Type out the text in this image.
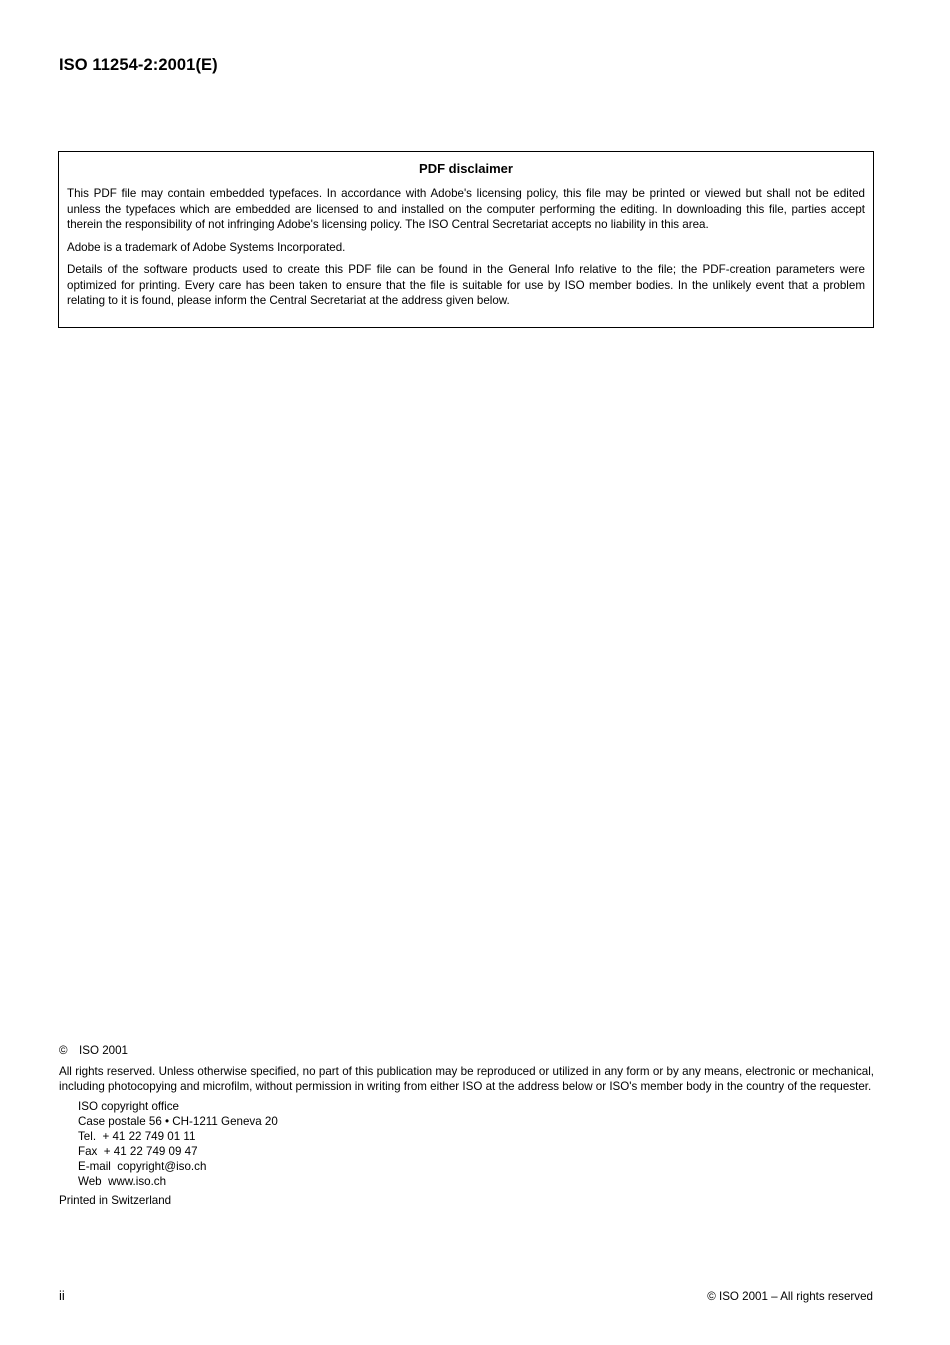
ISO 11254-2:2001(E)
PDF disclaimer

This PDF file may contain embedded typefaces. In accordance with Adobe's licensing policy, this file may be printed or viewed but shall not be edited unless the typefaces which are embedded are licensed to and installed on the computer performing the editing. In downloading this file, parties accept therein the responsibility of not infringing Adobe's licensing policy. The ISO Central Secretariat accepts no liability in this area.

Adobe is a trademark of Adobe Systems Incorporated.

Details of the software products used to create this PDF file can be found in the General Info relative to the file; the PDF-creation parameters were optimized for printing. Every care has been taken to ensure that the file is suitable for use by ISO member bodies. In the unlikely event that a problem relating to it is found, please inform the Central Secretariat at the address given below.

© ISO 2001
All rights reserved. Unless otherwise specified, no part of this publication may be reproduced or utilized in any form or by any means, electronic or mechanical, including photocopying and microfilm, without permission in writing from either ISO at the address below or ISO's member body in the country of the requester.
ISO copyright office
Case postale 56 • CH-1211 Geneva 20
Tel.  + 41 22 749 01 11
Fax  + 41 22 749 09 47
E-mail  copyright@iso.ch
Web  www.iso.ch
Printed in Switzerland
ii	© ISO 2001 – All rights reserved
